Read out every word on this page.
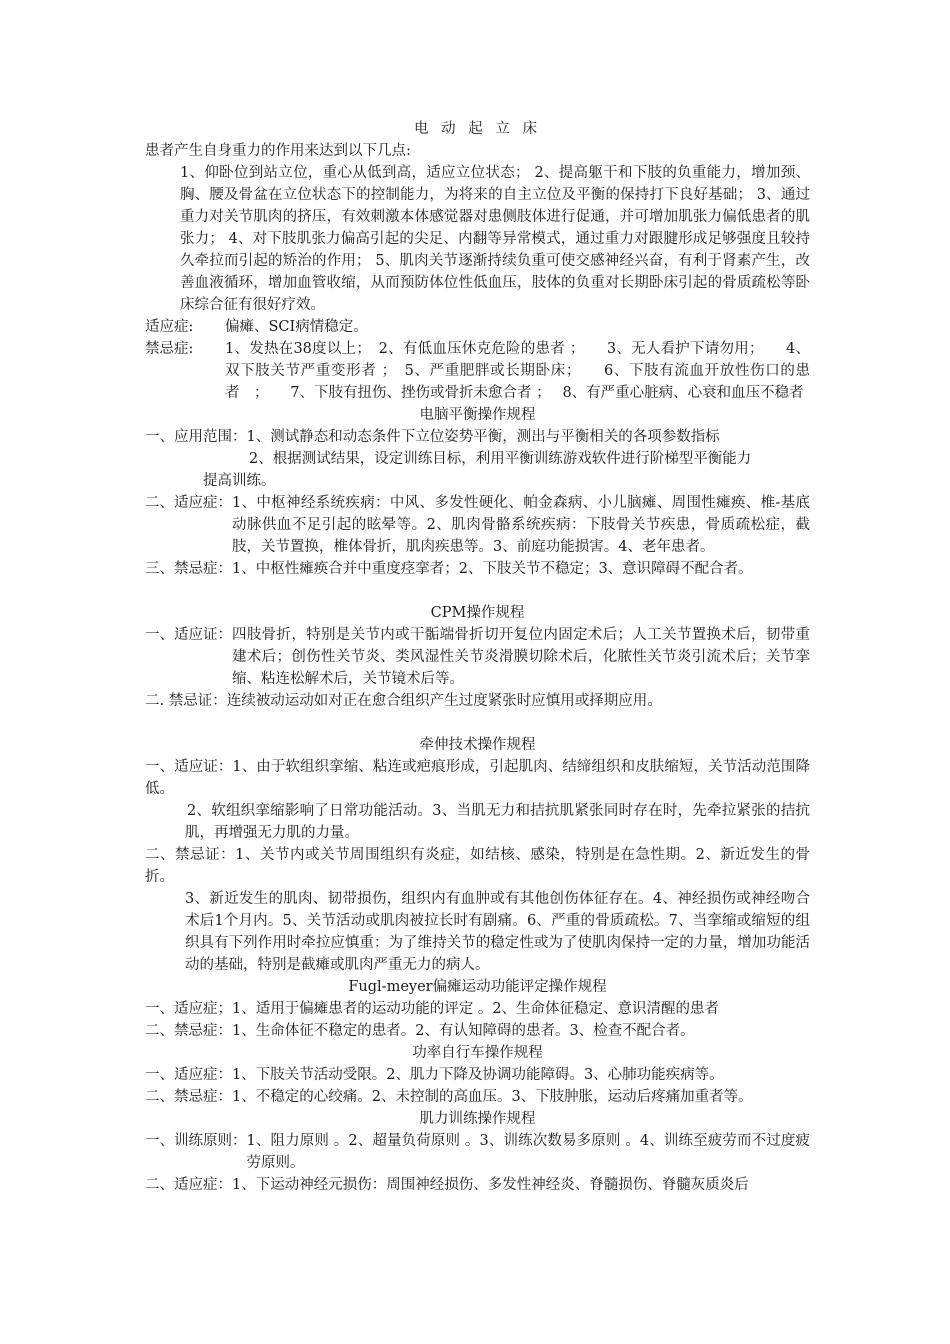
电 动 起 立 床

患者产生自身重力的作用来达到以下几点:

1、仰卧位到站立位，重心从低到高，适应立位状态； 2、提高躯干和下肢的负重能力，增加颈、胸、腰及骨盆在立位状态下的控制能力，为将来的自主立位及平衡的保持打下良好基础； 3、通过重力对关节肌肉的挤压，有效刺激本体感觉器对患侧肢体进行促通，并可增加肌张力偏低患者的肌张力； 4、对下肢肌张力偏高引起的尖足、内翻等异常模式，通过重力对跟腱形成足够强度且较持久牵拉而引起的矫治的作用； 5、肌肉关节逐渐持续负重可使交感神经兴奋，有利于肾素产生，改善血液循环，增加血管收缩，从而预防体位性低血压，肢体的负重对长期卧床引起的骨质疏松等卧床综合征有很好疗效。

适应症:	偏瘫、SCI病情稳定。
禁忌症:	1、发热在38度以上；　2、有低血压休克危险的患者 ；　　3、无人看护下请勿用；　　4、双下肢关节严重变形者 ；　5、严重肥胖或长期卧床；　　6、下肢有流血开放性伤口的患者　；　　7、下肢有扭伤、挫伤或骨折未愈合者 ；　 8、有严重心脏病、心衰和血压不稳者

电脑平衡操作规程

一、应用范围： 1、测试静态和动态条件下立位姿势平衡，测出与平衡相关的各项参数指标

2、根据测试结果，设定训练目标，利用平衡训练游戏软件进行阶梯型平衡能力

提高训练。

二、适应症： 1、中枢神经系统疾病：中风、多发性硬化、帕金森病、小儿脑瘫、周围性瘫痪、椎-基底动脉供血不足引起的眩晕等。2、肌肉骨骼系统疾病：下肢骨关节疾患，骨质疏松症，截肢，关节置换，椎体骨折，肌肉疾患等。3、前庭功能损害。4、老年患者。
三、禁忌症： 1、中枢性瘫痪合并中重度痉挛者；2、下肢关节不稳定；3、意识障碍不配合者。

CPM操作规程

一、适应证： 四肢骨折，特别是关节内或干骺端骨折切开复位内固定术后；人工关节置换术后，韧带重建术后；创伤性关节炎、类风湿性关节炎滑膜切除术后，化脓性关节炎引流术后；关节挛缩、粘连松解术后，关节镜术后等。
二. 禁忌证： 连续被动运动如对正在愈合组织产生过度紧张时应慎用或择期应用。

牵伸技术操作规程

一、适应证：1、由于软组织挛缩、粘连或疤痕形成，引起肌肉、结缔组织和皮肤缩短，关节活动范围降低。

2、软组织挛缩影响了日常功能活动。3、当肌无力和拮抗肌紧张同时存在时，先牵拉紧张的拮抗肌，再增强无力肌的力量。

二、禁忌证：1、关节内或关节周围组织有炎症，如结核、感染，特别是在急性期。2、新近发生的骨折。

3、新近发生的肌肉、韧带损伤，组织内有血肿或有其他创伤体征存在。4、神经损伤或神经吻合术后1个月内。5、关节活动或肌肉被拉长时有剧痛。6、严重的骨质疏松。7、当挛缩或缩短的组织具有下列作用时牵拉应慎重：为了维持关节的稳定性或为了使肌肉保持一定的力量，增加功能活动的基础，特别是截瘫或肌肉严重无力的病人。

Fugl-meyer偏瘫运动功能评定操作规程

一、适应症；1、适用于偏瘫患者的运动功能的评定 。2、生命体征稳定、意识清醒的患者

二、禁忌症：1、生命体征不稳定的患者。2、有认知障碍的患者。3、检查不配合者。

功率自行车操作规程

一、适应症：1、下肢关节活动受限。2、肌力下降及协调功能障碍。3、心肺功能疾病等。

二、禁忌症：1、不稳定的心绞痛。2、未控制的高血压。3、下肢肿胀，运动后疼痛加重者等。

肌力训练操作规程

一、训练原则： 1、阻力原则 。2、超量负荷原则 。3、训练次数易多原则 。4、训练至疲劳而不过度疲劳原则。

二、适应症：1、下运动神经元损伤：周围神经损伤、多发性神经炎、脊髓损伤、脊髓灰质炎后
